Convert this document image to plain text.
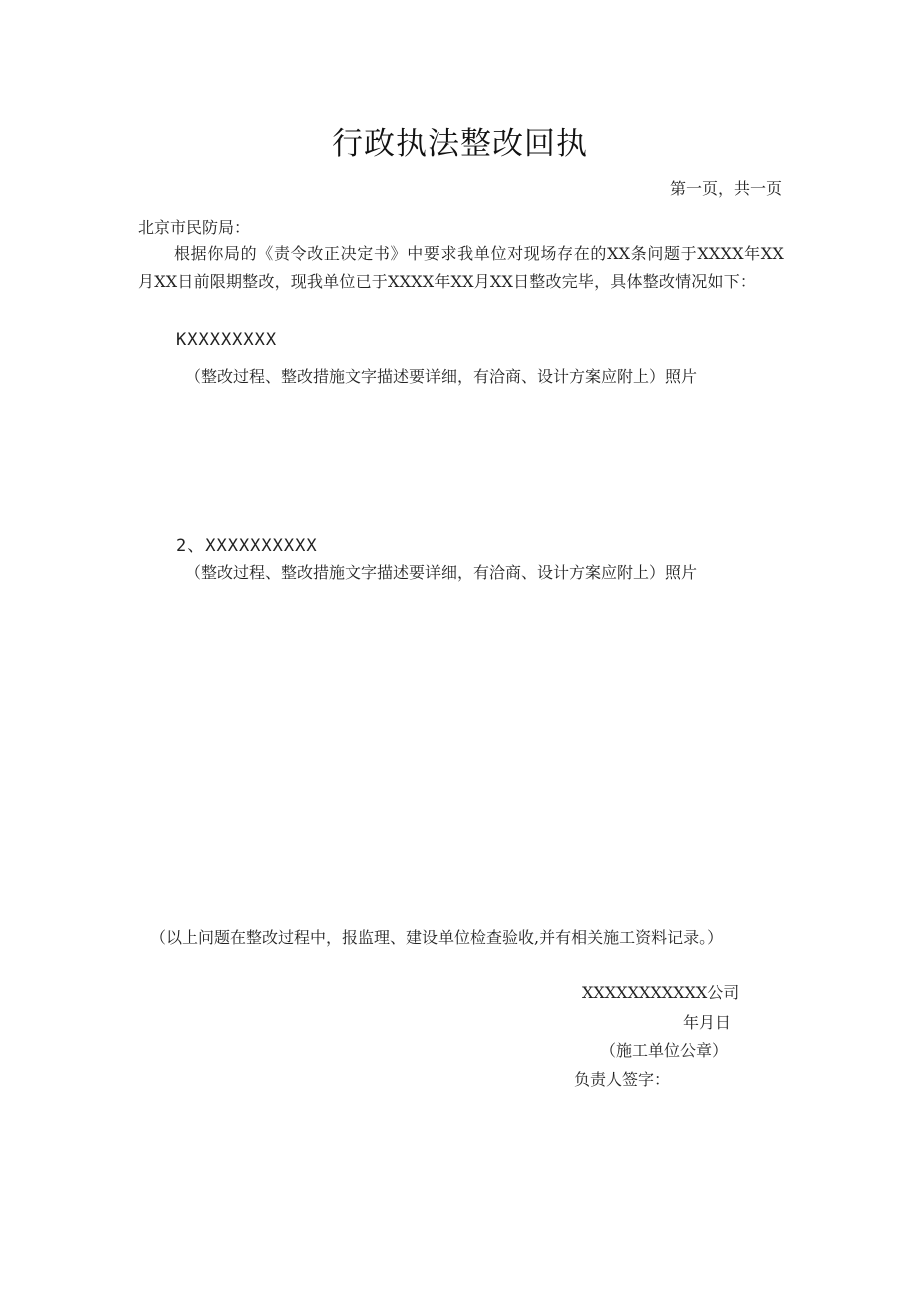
行政执法整改回执
第一页，共一页
北京市民防局：
根据你局的《责令改正决定书》中要求我单位对现场存在的XX条问题于XXXX年XX月XX日前限期整改，现我单位已于XXXX年XX月XX日整改完毕，具体整改情况如下：
KXXXXXXXX
（整改过程、整改措施文字描述要详细，有洽商、设计方案应附上）照片
2、XXXXXXXXXX
（整改过程、整改措施文字描述要详细，有洽商、设计方案应附上）照片
（以上问题在整改过程中，报监理、建设单位检查验收,并有相关施工资料记录。）
XXXXXXXXXXX公司
年月日
（施工单位公章）
负责人签字：
